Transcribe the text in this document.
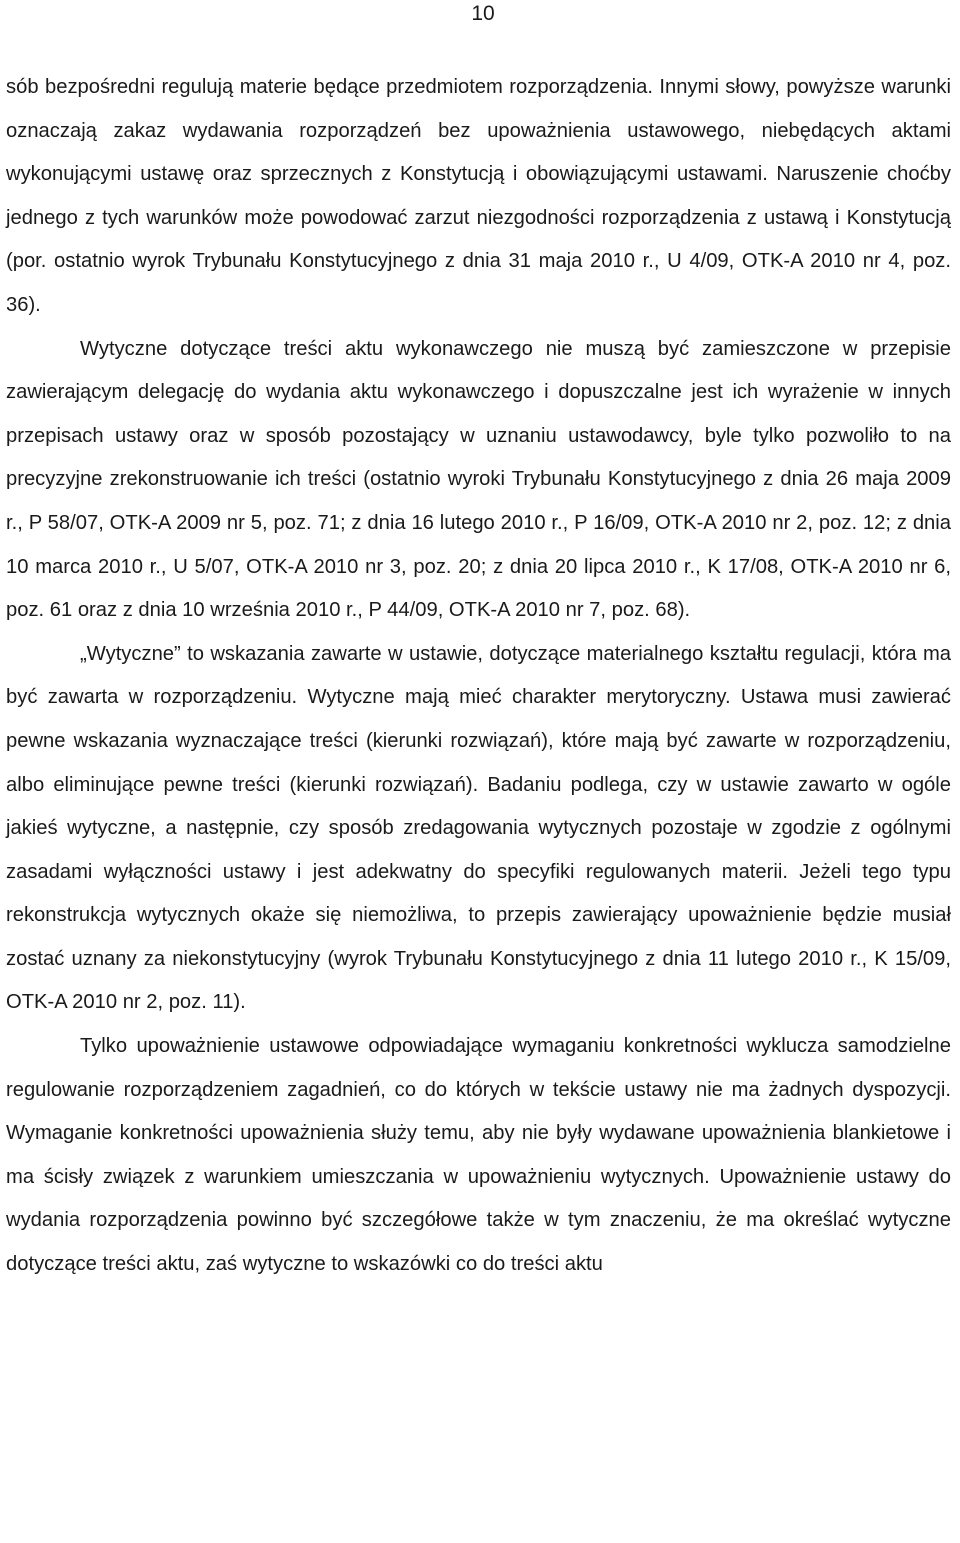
10

sób bezpośredni regulują materie będące przedmiotem rozporządzenia. Innymi słowy, powyższe warunki oznaczają zakaz wydawania rozporządzeń bez upoważnienia ustawowego, niebędących aktami wykonującymi ustawę oraz sprzecznych z Konstytucją i obowiązującymi ustawami. Naruszenie choćby jednego z tych warunków może powodować zarzut niezgodności rozporządzenia z ustawą i Konstytucją (por. ostatnio wyrok Trybunału Konstytucyjnego z dnia 31 maja 2010 r., U 4/09, OTK-A 2010 nr 4, poz. 36).

Wytyczne dotyczące treści aktu wykonawczego nie muszą być zamieszczone w przepisie zawierającym delegację do wydania aktu wykonawczego i dopuszczalne jest ich wyrażenie w innych przepisach ustawy oraz w sposób pozostający w uznaniu ustawodawcy, byle tylko pozwoliło to na precyzyjne zrekonstruowanie ich treści (ostatnio wyroki Trybunału Konstytucyjnego z dnia 26 maja 2009 r., P 58/07, OTK-A 2009 nr 5, poz. 71; z dnia 16 lutego 2010 r., P 16/09, OTK-A 2010 nr 2, poz. 12; z dnia 10 marca 2010 r., U 5/07, OTK-A 2010 nr 3, poz. 20; z dnia 20 lipca 2010 r., K 17/08, OTK-A 2010 nr 6, poz. 61 oraz z dnia 10 września 2010 r., P 44/09, OTK-A 2010 nr 7, poz. 68).

„Wytyczne” to wskazania zawarte w ustawie, dotyczące materialnego kształtu regulacji, która ma być zawarta w rozporządzeniu. Wytyczne mają mieć charakter merytoryczny. Ustawa musi zawierać pewne wskazania wyznaczające treści (kierunki rozwiązań), które mają być zawarte w rozporządzeniu, albo eliminujące pewne treści (kierunki rozwiązań). Badaniu podlega, czy w ustawie zawarto w ogóle jakieś wytyczne, a następnie, czy sposób zredagowania wytycznych pozostaje w zgodzie z ogólnymi zasadami wyłączności ustawy i jest adekwatny do specyfiki regulowanych materii. Jeżeli tego typu rekonstrukcja wytycznych okaże się niemożliwa, to przepis zawierający upoważnienie będzie musiał zostać uznany za niekonstytucyjny (wyrok Trybunału Konstytucyjnego z dnia 11 lutego 2010 r., K 15/09, OTK-A 2010 nr 2, poz. 11).

Tylko upoważnienie ustawowe odpowiadające wymaganiu konkretności wyklucza samodzielne regulowanie rozporządzeniem zagadnień, co do których w tekście ustawy nie ma żadnych dyspozycji. Wymaganie konkretności upoważnienia służy temu, aby nie były wydawane upoważnienia blankietowe i ma ścisły związek z warunkiem umieszczania w upoważnieniu wytycznych. Upoważnienie ustawy do wydania rozporządzenia powinno być szczegółowe także w tym znaczeniu, że ma określać wytyczne dotyczące treści aktu, zaś wytyczne to wskazówki co do treści aktu
